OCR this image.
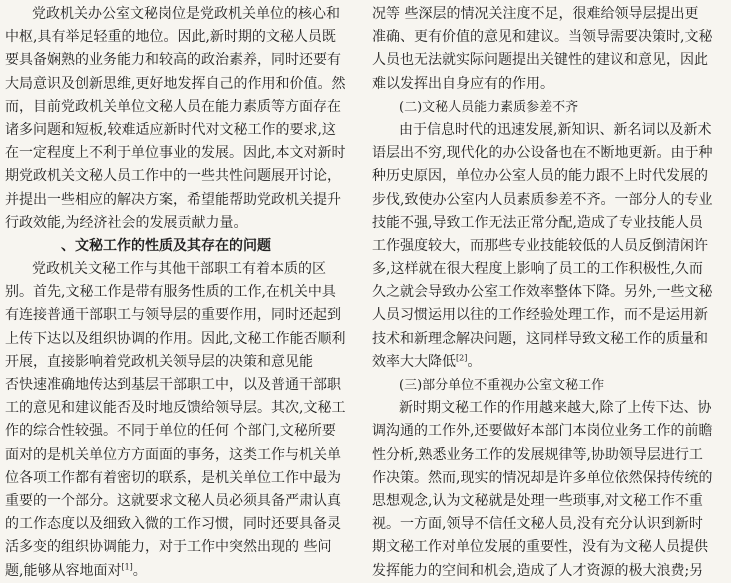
党政机关办公室文秘岗位是党政机关单位的核心和
中枢,具有举足轻重的地位。因此,新时期的文秘人员既
要具备娴熟的业务能力和较高的政治素养，同时还要有
大局意识及创新思维,更好地发挥自己的作用和价值。然
而，目前党政机关单位文秘人员在能力素质等方面存在
诸多问题和短板,较难适应新时代对文秘工作的要求,这
在一定程度上不利于单位事业的发展。因此,本文对新时
期党政机关文秘人员工作中的一些共性问题展开讨论，
并提出一些相应的解决方案，希望能帮助党政机关提升
行政效能,为经济社会的发展贡献力量。
、文秘工作的性质及其存在的问题
党政机关文秘工作与其他干部职工有着本质的区
别。首先,文秘工作是带有服务性质的工作,在机关中具
有连接普通干部职工与领导层的重要作用，同时还起到
上传下达以及组织协调的作用。因此,文秘工作能否顺利
开展，直接影响着党政机关领导层的决策和意见能
否快速准确地传达到基层干部职工中，以及普通干部职
工的意见和建议能否及时地反馈给领导层。其次,文秘工
作的综合性较强。不同于单位的任何 个部门,文秘所要
面对的是机关单位方方面面的事务，这类工作与机关单
位各项工作都有着密切的联系，是机关单位工作中最为
重要的一个部分。这就要求文秘人员必须具备严肃认真
的工作态度以及细致入微的工作习惯，同时还要具备灵
活多变的组织协调能力，对于工作中突然出现的 些问
题,能够从容地面对[1]。
况等 些深层的情况关注度不足，很难给领导层提出更
准确、更有价值的意见和建议。当领导需要决策时,文秘
人员也无法就实际问题提出关键性的建议和意见，因此
难以发挥出自身应有的作用。
(二)文秘人员能力素质参差不齐
由于信息时代的迅速发展,新知识、新名词以及新术
语层出不穷,现代化的办公设备也在不断地更新。由于种
种历史原因，单位办公室人员的能力跟不上时代发展的
步伐,致使办公室内人员素质参差不齐。一部分人的专业
技能不强,导致工作无法正常分配,造成了专业技能人员
工作强度较大，而那些专业技能较低的人员反倒清闲许
多,这样就在很大程度上影响了员工的工作积极性,久而
久之就会导致办公室工作效率整体下降。另外,一些文秘
人员习惯运用以往的工作经验处理工作，而不是运用新
技术和新理念解决问题，这同样导致文秘工作的质量和
效率大大降低[2]。
(三)部分单位不重视办公室文秘工作
新时期文秘工作的作用越来越大,除了上传下达、协
调沟通的工作外,还要做好本部门本岗位业务工作的前瞻
性分析,熟悉业务工作的发展规律等,协助领导层进行工
作决策。然而,现实的情况却是许多单位依然保持传统的
思想观念,认为文秘就是处理一些琐事,对文秘工作不重
视。一方面,领导不信任文秘人员,没有充分认识到新时
期文秘工作对单位发展的重要性，没有为文秘人员提供
发挥能力的空间和机会,造成了人才资源的极大浪费;另
